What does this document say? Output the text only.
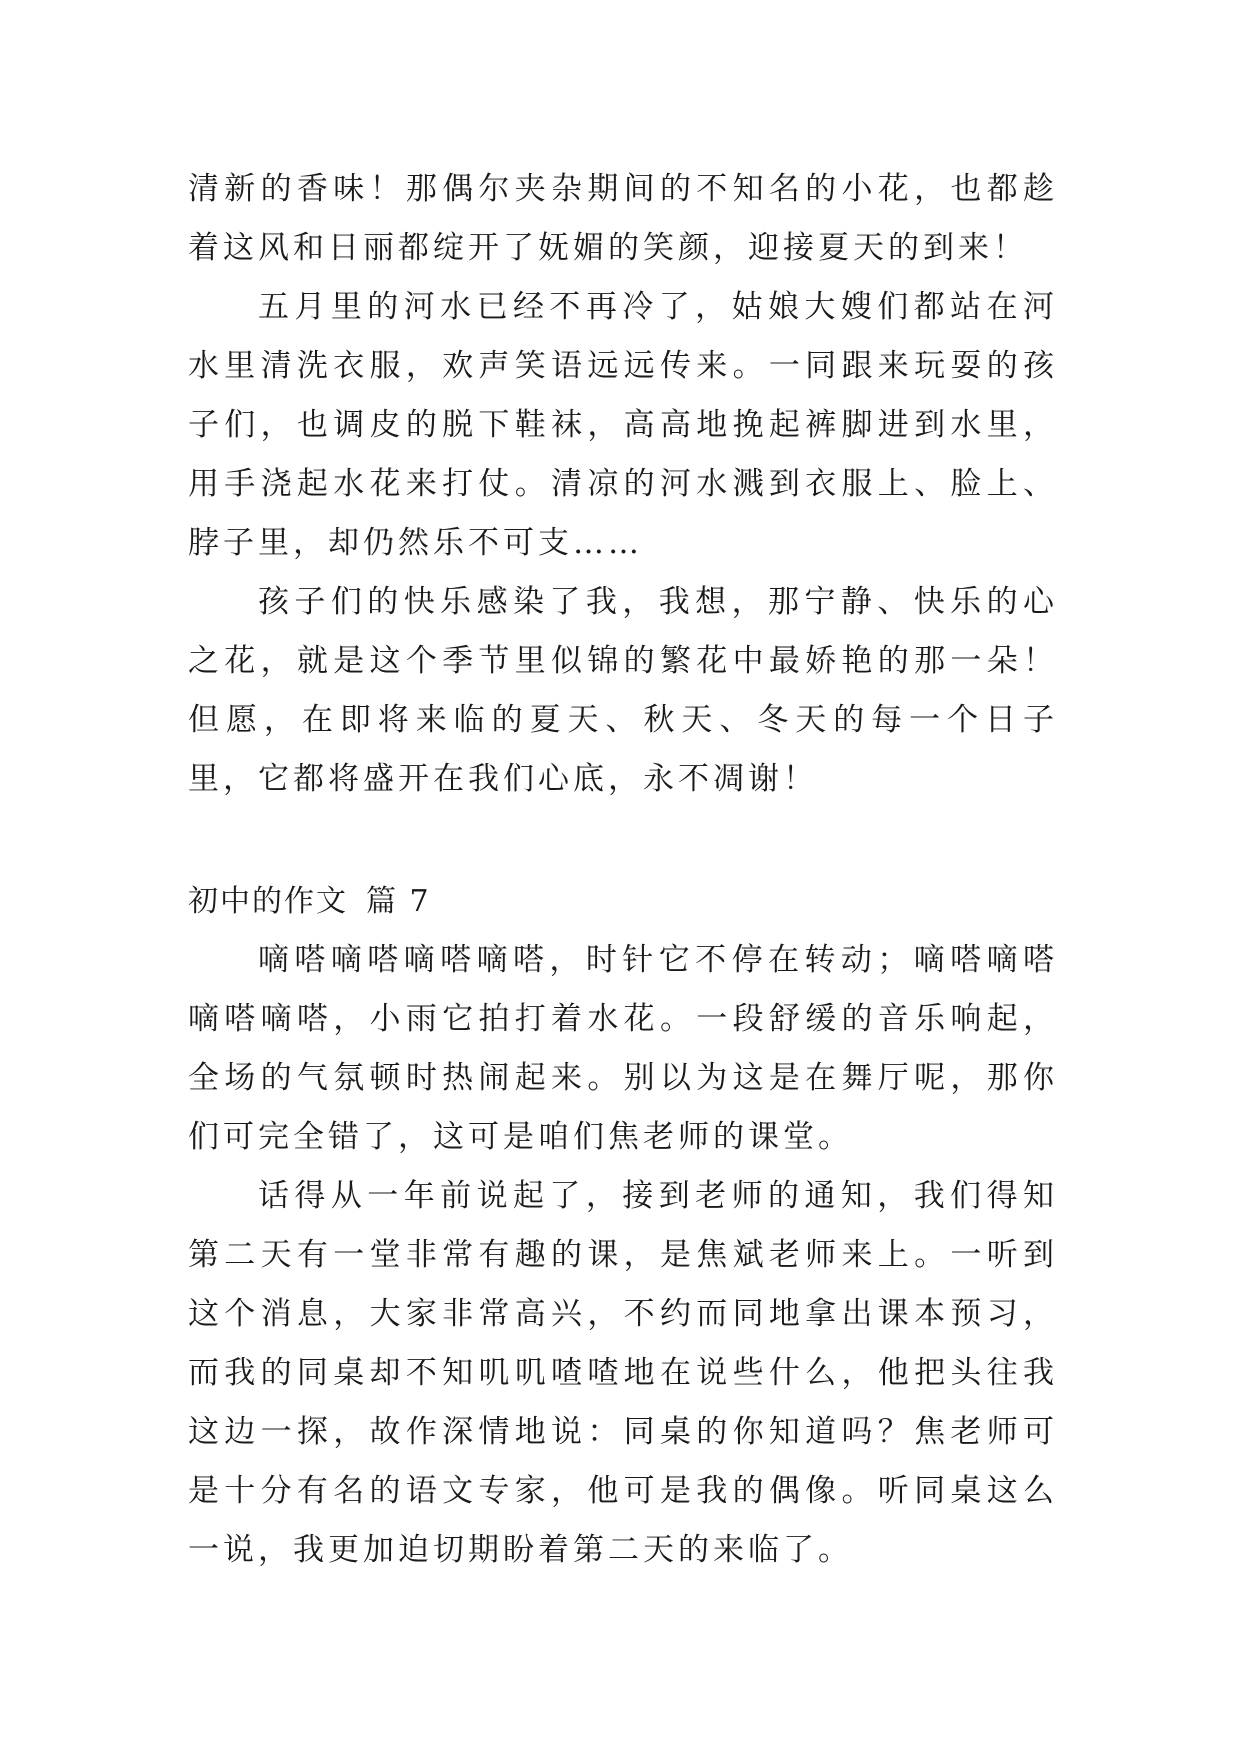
清新的香味！那偶尔夹杂期间的不知名的小花，也都趁着这风和日丽都绽开了妩媚的笑颜，迎接夏天的到来！

五月里的河水已经不再冷了，姑娘大嫂们都站在河水里清洗衣服，欢声笑语远远传来。一同跟来玩耍的孩子们，也调皮的脱下鞋袜，高高地挽起裤脚进到水里，用手浇起水花来打仗。清凉的河水溅到衣服上、脸上、脖子里，却仍然乐不可支……

孩子们的快乐感染了我，我想，那宁静、快乐的心之花，就是这个季节里似锦的繁花中最娇艳的那一朵！但愿，在即将来临的夏天、秋天、冬天的每一个日子里，它都将盛开在我们心底，永不凋谢！

初中的作文 篇 7

嘀嗒嘀嗒嘀嗒嘀嗒，时针它不停在转动；嘀嗒嘀嗒嘀嗒嘀嗒，小雨它拍打着水花。一段舒缓的音乐响起，全场的气氛顿时热闹起来。别以为这是在舞厅呢，那你们可完全错了，这可是咱们焦老师的课堂。

话得从一年前说起了，接到老师的通知，我们得知第二天有一堂非常有趣的课，是焦斌老师来上。一听到这个消息，大家非常高兴，不约而同地拿出课本预习，而我的同桌却不知叽叽喳喳地在说些什么，他把头往我这边一探，故作深情地说：同桌的你知道吗？焦老师可是十分有名的语文专家，他可是我的偶像。听同桌这么一说，我更加迫切期盼着第二天的来临了。
